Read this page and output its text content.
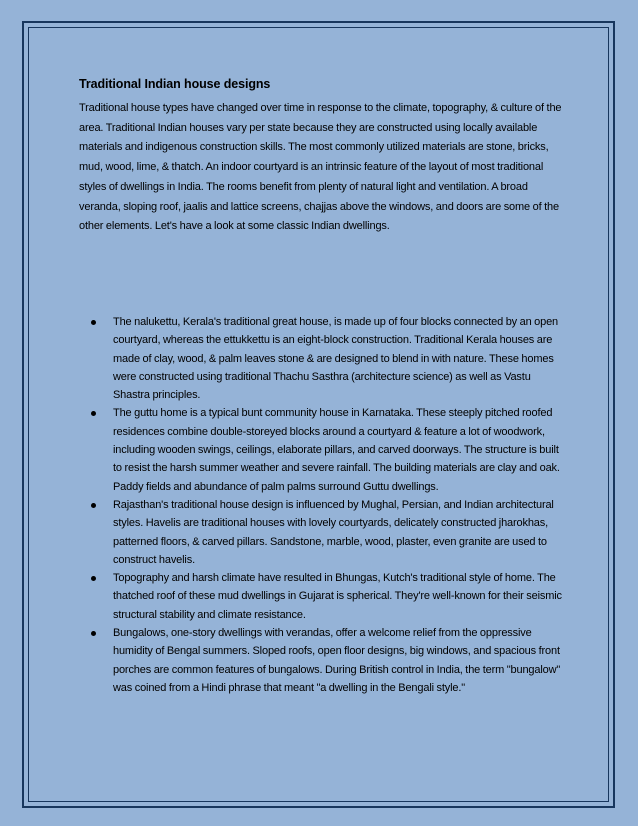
Traditional Indian house designs

Traditional house types have changed over time in response to the climate, topography, & culture of the area. Traditional Indian houses vary per state because they are constructed using locally available materials and indigenous construction skills. The most commonly utilized materials are stone, bricks, mud, wood, lime, & thatch. An indoor courtyard is an intrinsic feature of the layout of most traditional styles of dwellings in India. The rooms benefit from plenty of natural light and ventilation. A broad veranda, sloping roof, jaalis and lattice screens, chajjas above the windows, and doors are some of the other elements. Let's have a look at some classic Indian dwellings.

The nalukettu, Kerala's traditional great house, is made up of four blocks connected by an open courtyard, whereas the ettukkettu is an eight-block construction. Traditional Kerala houses are made of clay, wood, & palm leaves stone & are designed to blend in with nature. These homes were constructed using traditional Thachu Sasthra (architecture science) as well as Vastu Shastra principles.
The guttu home is a typical bunt community house in Karnataka. These steeply pitched roofed residences combine double-storeyed blocks around a courtyard & feature a lot of woodwork, including wooden swings, ceilings, elaborate pillars, and carved doorways. The structure is built to resist the harsh summer weather and severe rainfall. The building materials are clay and oak. Paddy fields and abundance of palm palms surround Guttu dwellings.
Rajasthan's traditional house design is influenced by Mughal, Persian, and Indian architectural styles. Havelis are traditional houses with lovely courtyards, delicately constructed jharokhas, patterned floors, & carved pillars. Sandstone, marble, wood, plaster, even granite are used to construct havelis.
Topography and harsh climate have resulted in Bhungas, Kutch's traditional style of home. The thatched roof of these mud dwellings in Gujarat is spherical. They're well-known for their seismic structural stability and climate resistance.
Bungalows, one-story dwellings with verandas, offer a welcome relief from the oppressive humidity of Bengal summers. Sloped roofs, open floor designs, big windows, and spacious front porches are common features of bungalows. During British control in India, the term "bungalow" was coined from a Hindi phrase that meant "a dwelling in the Bengali style."
